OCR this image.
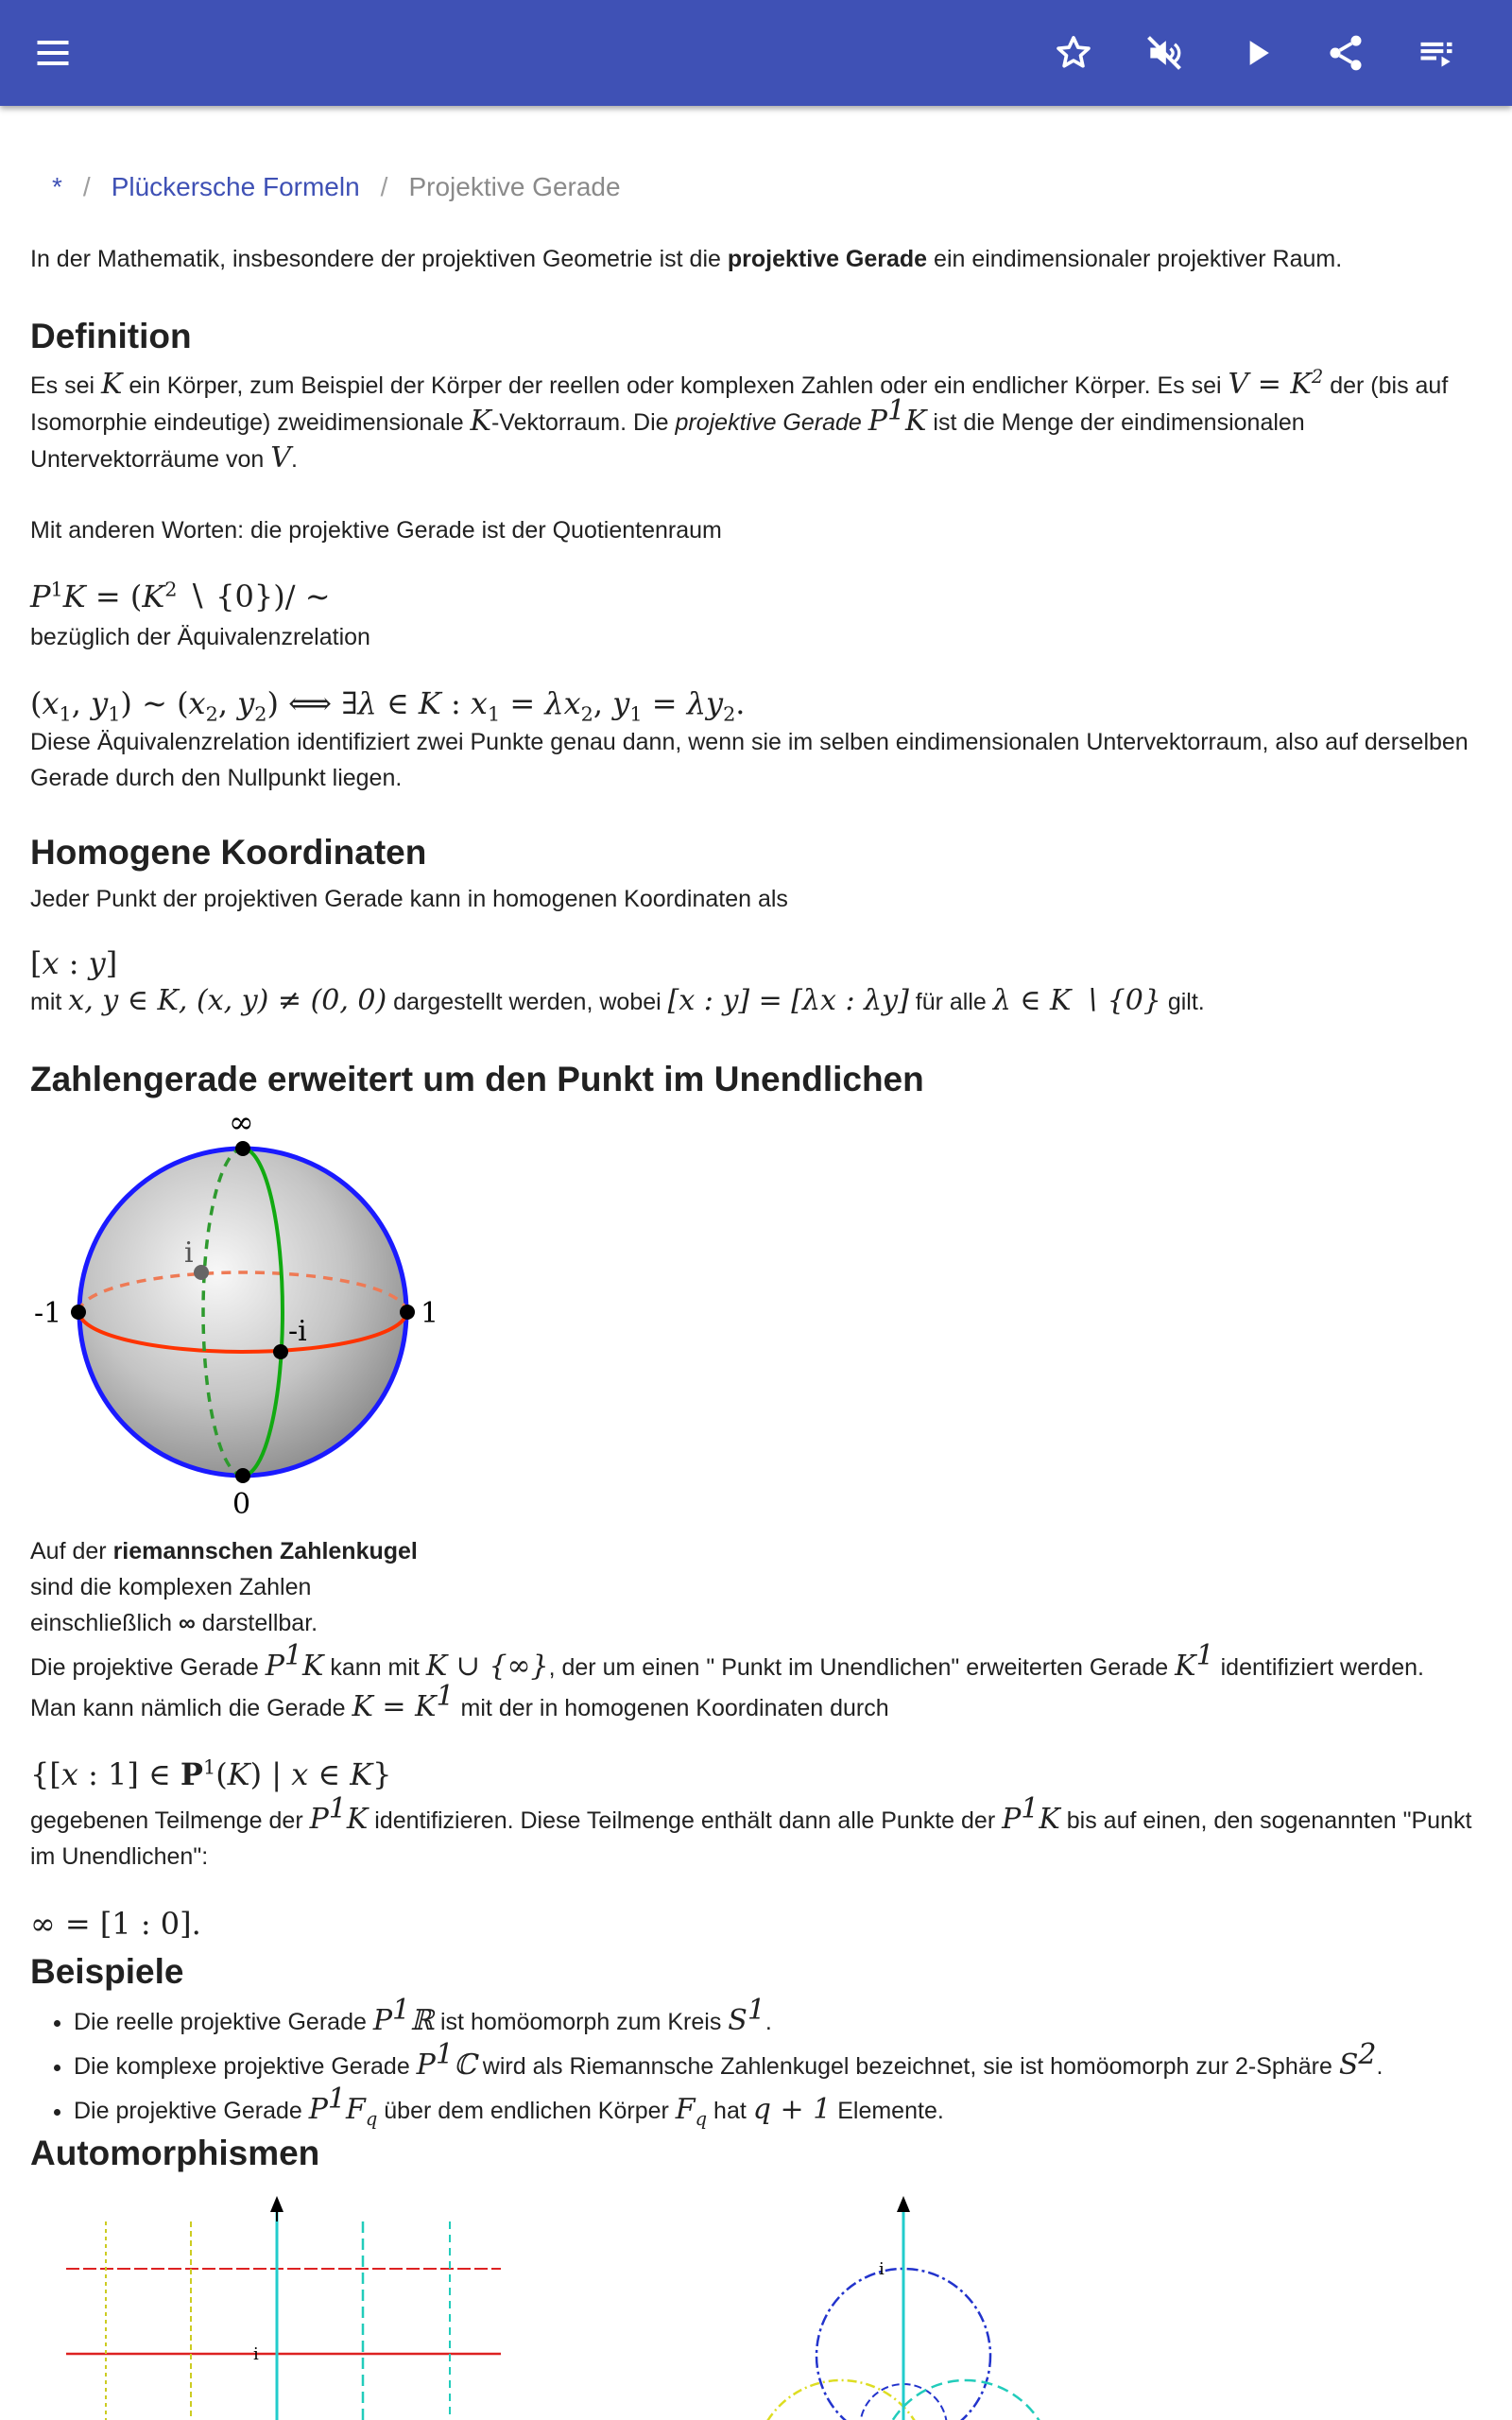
* / Plückersche Formeln / Projektive Gerade
In der Mathematik, insbesondere der projektiven Geometrie ist die projektive Gerade ein eindimensionaler projektiver Raum.
Definition
Es sei K ein Körper, zum Beispiel der Körper der reellen oder komplexen Zahlen oder ein endlicher Körper. Es sei $V = K^2$ der (bis auf Isomorphie eindeutige) zweidimensionale K-Vektorraum. Die projektive Gerade $P^1K$ ist die Menge der eindimensionalen Untervektorräume von V.
Mit anderen Worten: die projektive Gerade ist der Quotientenraum
$P^1K = (K^2$ ∖ {0})/ ∼
bezüglich der Äquivalenzrelation
($x_1$, $y_1$) ∼ ($x_2$, $y_2$) ⟺ ∃λ ∈ K : $x_1 = \lambda x_2$, $y_1 = \lambda y_2$.
Diese Äquivalenzrelation identifiziert zwei Punkte genau dann, wenn sie im selben eindimensionalen Untervektorraum, also auf derselben Gerade durch den Nullpunkt liegen.
Homogene Koordinaten
Jeder Punkt der projektiven Gerade kann in homogenen Koordinaten als
[x : y]
mit x, y ∈ K, (x, y) ≠ (0, 0) dargestellt werden, wobei [x : y] = [λx : λy] für alle λ ∈ K ∖ {0} gilt.
Zahlengerade erweitert um den Punkt im Unendlichen
∞
i
-1	1
-i
0
Auf der riemannschen Zahlenkugel
sind die komplexen Zahlen
einschließlich ∞ darstellbar.
Die projektive Gerade $P^1K$ kann mit K ∪ {∞}, der um einen " Punkt im Unendlichen" erweiterten Gerade $K^1$ identifiziert werden.
Man kann nämlich die Gerade $K = K^1$ mit der in homogenen Koordinaten durch
{[x : 1] ∈ $P^1(K)$ | x ∈ K}
gegebenen Teilmenge der $P^1K$ identifizieren. Diese Teilmenge enthält dann alle Punkte der $P^1K$ bis auf einen, den sogenannten "Punkt im Unendlichen":
∞ = [1 : 0].
Beispiele
• Die reelle projektive Gerade $P^1ℝ$ ist homöomorph zum Kreis $S^1$.
• Die komplexe projektive Gerade $P^1ℂ$ wird als Riemannsche Zahlenkugel bezeichnet, sie ist homöomorph zur 2-Sphäre $S^2$.
• Die projektive Gerade $P^1F_q$ über dem endlichen Körper $F_q$ hat q + 1 Elemente.
Automorphismen
i
i
